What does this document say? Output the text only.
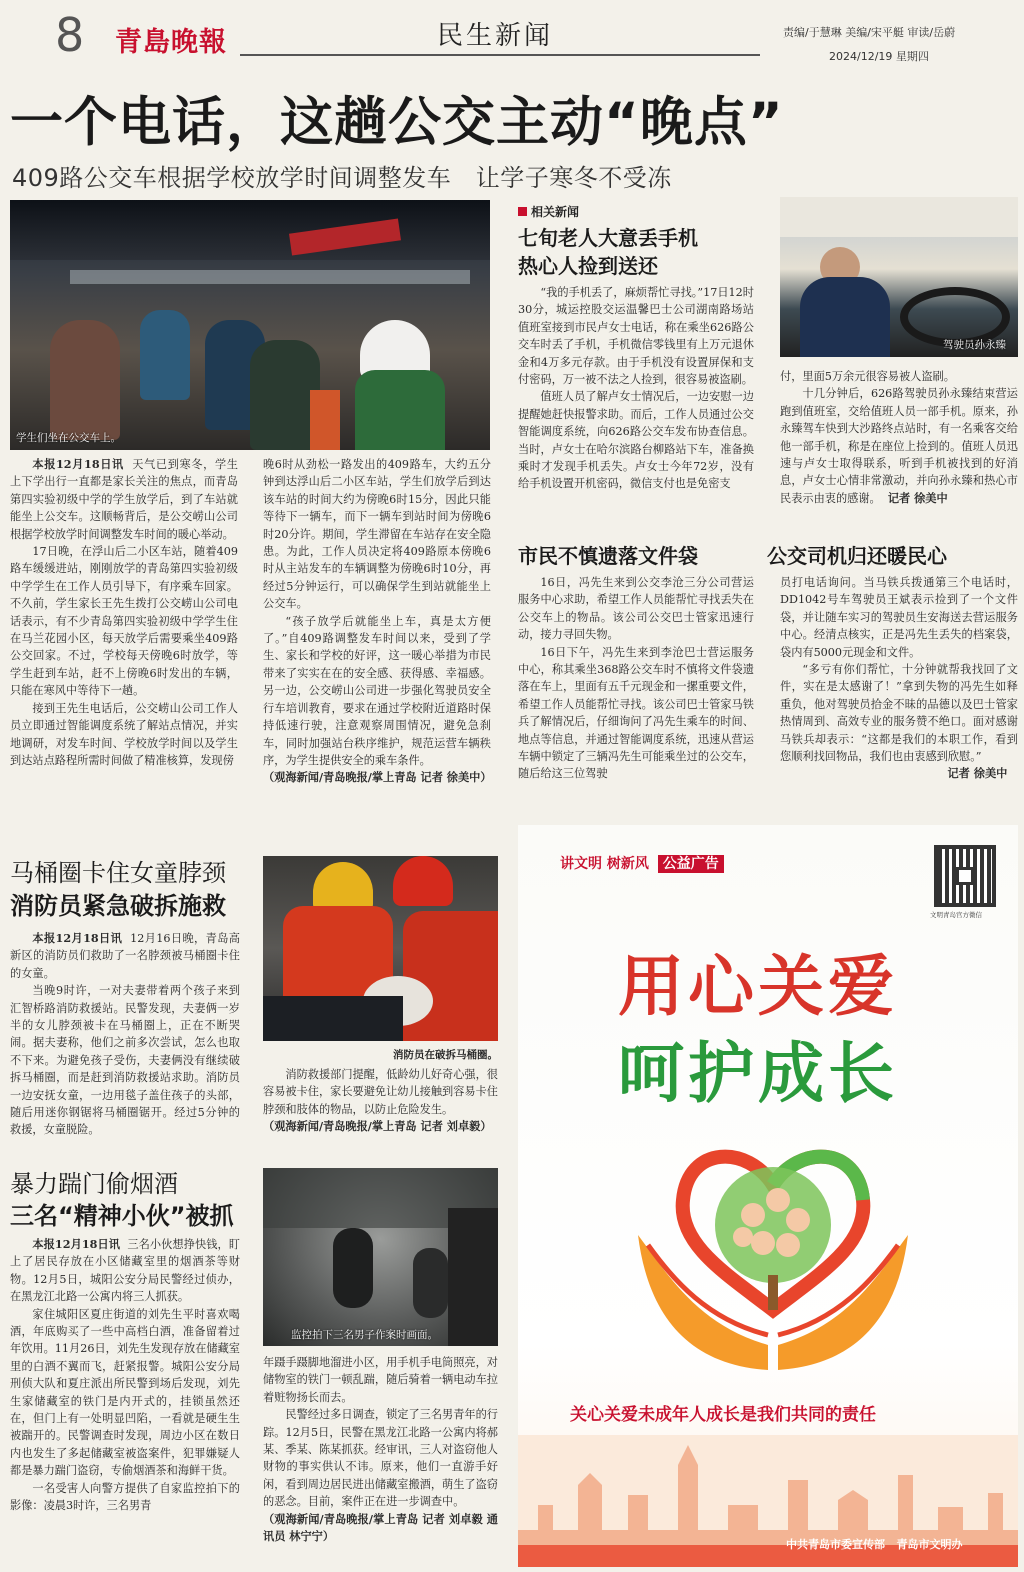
8 青島晚報	民生新闻	责编/于慧琳 美编/宋平艇 审读/岳蔚
2024/12/19 星期四
一个电话，这趟公交主动“晚点”
409路公交车根据学校放学时间调整发车   让学子寒冬不受冻
学生们坐在公交车上。

本报12月18日讯 天气已到寒冬，学生上下学出行一直都是家长关注的焦点，而青岛第四实验初级中学的学生放学后，到了车站就能坐上公交车。这顺畅背后，是公交崂山公司根据学校放学时间调整发车时间的暖心举动。

17日晚，在浮山后二小区车站，随着409路车缓缓进站，刚刚放学的青岛第四实验初级中学学生在工作人员引导下，有序乘车回家。不久前，学生家长王先生拨打公交崂山公司电话表示，有不少青岛第四实验初级中学学生住在马兰花园小区，每天放学后需要乘坐409路公交回家。不过，学校每天傍晚6时放学，等学生赶到车站，赶不上傍晚6时发出的车辆，只能在寒风中等待下一趟。

接到王先生电话后，公交崂山公司工作人员立即通过智能调度系统了解站点情况，并实地调研，对发车时间、学校放学时间以及学生到达站点路程所需时间做了精准核算，发现傍

晚6时从劲松一路发出的409路车，大约五分钟到达浮山后二小区车站，学生们放学后到达该车站的时间大约为傍晚6时15分，因此只能等待下一辆车，而下一辆车到站时间为傍晚6时20分许。期间，学生滞留在车站存在安全隐患。为此，工作人员决定将409路原本傍晚6时从主站发车的车辆调整为傍晚6时10分，再经过5分钟运行，可以确保学生到站就能坐上公交车。

“孩子放学后就能坐上车，真是太方便了。”自409路调整发车时间以来，受到了学生、家长和学校的好评，这一暖心举措为市民带来了实实在在的安全感、获得感、幸福感。另一边，公交崂山公司进一步强化驾驶员安全行车培训教育，要求在通过学校附近道路时保持低速行驶，注意观察周围情况，避免急刹车，同时加强站台秩序维护，规范运营车辆秩序，为学生提供安全的乘车条件。

（观海新闻/青岛晚报/掌上青岛 记者 徐美中）

相关新闻
七旬老人大意丢手机
热心人捡到送还
驾驶员孙永臻

“我的手机丢了，麻烦帮忙寻找。”17日12时30分，城运控股交运温馨巴士公司湖南路场站值班室接到市民卢女士电话，称在乘坐626路公交车时丢了手机，手机微信零钱里有上万元退休金和4万多元存款。由于手机没有设置屏保和支付密码，万一被不法之人捡到，很容易被盗刷。

值班人员了解卢女士情况后，一边安慰一边提醒她赶快报警求助。而后，工作人员通过公交智能调度系统，向626路公交车发布协查信息。当时，卢女士在哈尔滨路台柳路站下车，准备换乘时才发现手机丢失。卢女士今年72岁，没有给手机设置开机密码，微信支付也是免密支

付，里面5万余元很容易被人盗刷。

十几分钟后，626路驾驶员孙永臻结束营运跑到值班室，交给值班人员一部手机。原来，孙永臻驾车快到大沙路终点站时，有一名乘客交给他一部手机，称是在座位上捡到的。值班人员迅速与卢女士取得联系，听到手机被找到的好消息，卢女士心情非常激动，并向孙永臻和热心市民表示由衷的感谢。 记者 徐美中

市民不慎遗落文件袋	公交司机归还暖民心

16日，冯先生来到公交李沧三分公司营运服务中心求助，希望工作人员能帮忙寻找丢失在公交车上的物品。该公司公交巴士管家迅速行动，接力寻回失物。

16日下午，冯先生来到李沧巴士营运服务中心，称其乘坐368路公交车时不慎将文件袋遗落在车上，里面有五千元现金和一摞重要文件，希望工作人员能帮忙寻找。该公司巴士管家马铁兵了解情况后，仔细询问了冯先生乘车的时间、地点等信息，并通过智能调度系统，迅速从营运车辆中锁定了三辆冯先生可能乘坐过的公交车，随后给这三位驾驶

员打电话询问。当马铁兵拨通第三个电话时，DD1042号车驾驶员王斌表示捡到了一个文件袋，并让随车实习的驾驶员生安海送去营运服务中心。经清点核实，正是冯先生丢失的档案袋，袋内有5000元现金和文件。

“多亏有你们帮忙，十分钟就帮我找回了文件，实在是太感谢了！”拿到失物的冯先生如释重负，他对驾驶员拾金不昧的品德以及巴士管家热情周到、高效专业的服务赞不绝口。面对感谢马铁兵却表示：“这都是我们的本职工作，看到您顺利找回物品，我们也由衷感到欣慰。”

记者 徐美中

马桶圈卡住女童脖颈
消防员紧急破拆施救
消防员在破拆马桶圈。

本报12月18日讯 12月16日晚，青岛高新区的消防员们救助了一名脖颈被马桶圈卡住的女童。

当晚9时许，一对夫妻带着两个孩子来到汇智桥路消防救援站。民警发现，夫妻俩一岁半的女儿脖颈被卡在马桶圈上，正在不断哭闹。据夫妻称，他们之前多次尝试，怎么也取不下来。为避免孩子受伤，夫妻俩没有继续破拆马桶圈，而是赶到消防救援站求助。消防员一边安抚女童，一边用毯子盖住孩子的头部，随后用迷你钢锯将马桶圈锯开。经过5分钟的救援，女童脱险。

消防救援部门提醒，低龄幼儿好奇心强，很容易被卡住，家长要避免让幼儿接触到容易卡住脖颈和肢体的物品，以防止危险发生。

（观海新闻/青岛晚报/掌上青岛 记者 刘卓毅）

暴力踹门偷烟酒
三名“精神小伙”被抓
监控拍下三名男子作案时画面。

本报12月18日讯 三名小伙想挣快钱，盯上了居民存放在小区储藏室里的烟酒茶等财物。12月5日，城阳公安分局民警经过侦办，在黑龙江北路一公寓内将三人抓获。

家住城阳区夏庄街道的刘先生平时喜欢喝酒，年底购买了一些中高档白酒，准备留着过年饮用。11月26日，刘先生发现存放在储藏室里的白酒不翼而飞，赶紧报警。城阳公安分局刑侦大队和夏庄派出所民警到场后发现，刘先生家储藏室的铁门是内开式的，挂锁虽然还在，但门上有一处明显凹陷，一看就是硬生生被踹开的。民警调查时发现，周边小区在数日内也发生了多起储藏室被盗案件，犯罪嫌疑人都是暴力踹门盗窃，专偷烟酒茶和海鲜干货。

一名受害人向警方提供了自家监控拍下的影像：凌晨3时许，三名男青

年蹑手蹑脚地溜进小区，用手机手电筒照亮，对储物室的铁门一顿乱踹，随后骑着一辆电动车拉着赃物扬长而去。

民警经过多日调查，锁定了三名男青年的行踪。12月5日，民警在黑龙江北路一公寓内将郝某、季某、陈某抓获。经审讯，三人对盗窃他人财物的事实供认不讳。原来，他们一直游手好闲，看到周边居民进出储藏室搬酒，萌生了盗窃的恶念。目前，案件正在进一步调查中。

（观海新闻/青岛晚报/掌上青岛 记者 刘卓毅 通讯员 林宁宁）

讲文明 树新风 公益广告
文明青岛官方微信
用心关爱
呵护成长
关心关爱未成年人成长是我们共同的责任
中共青岛市委宣传部   青岛市文明办
